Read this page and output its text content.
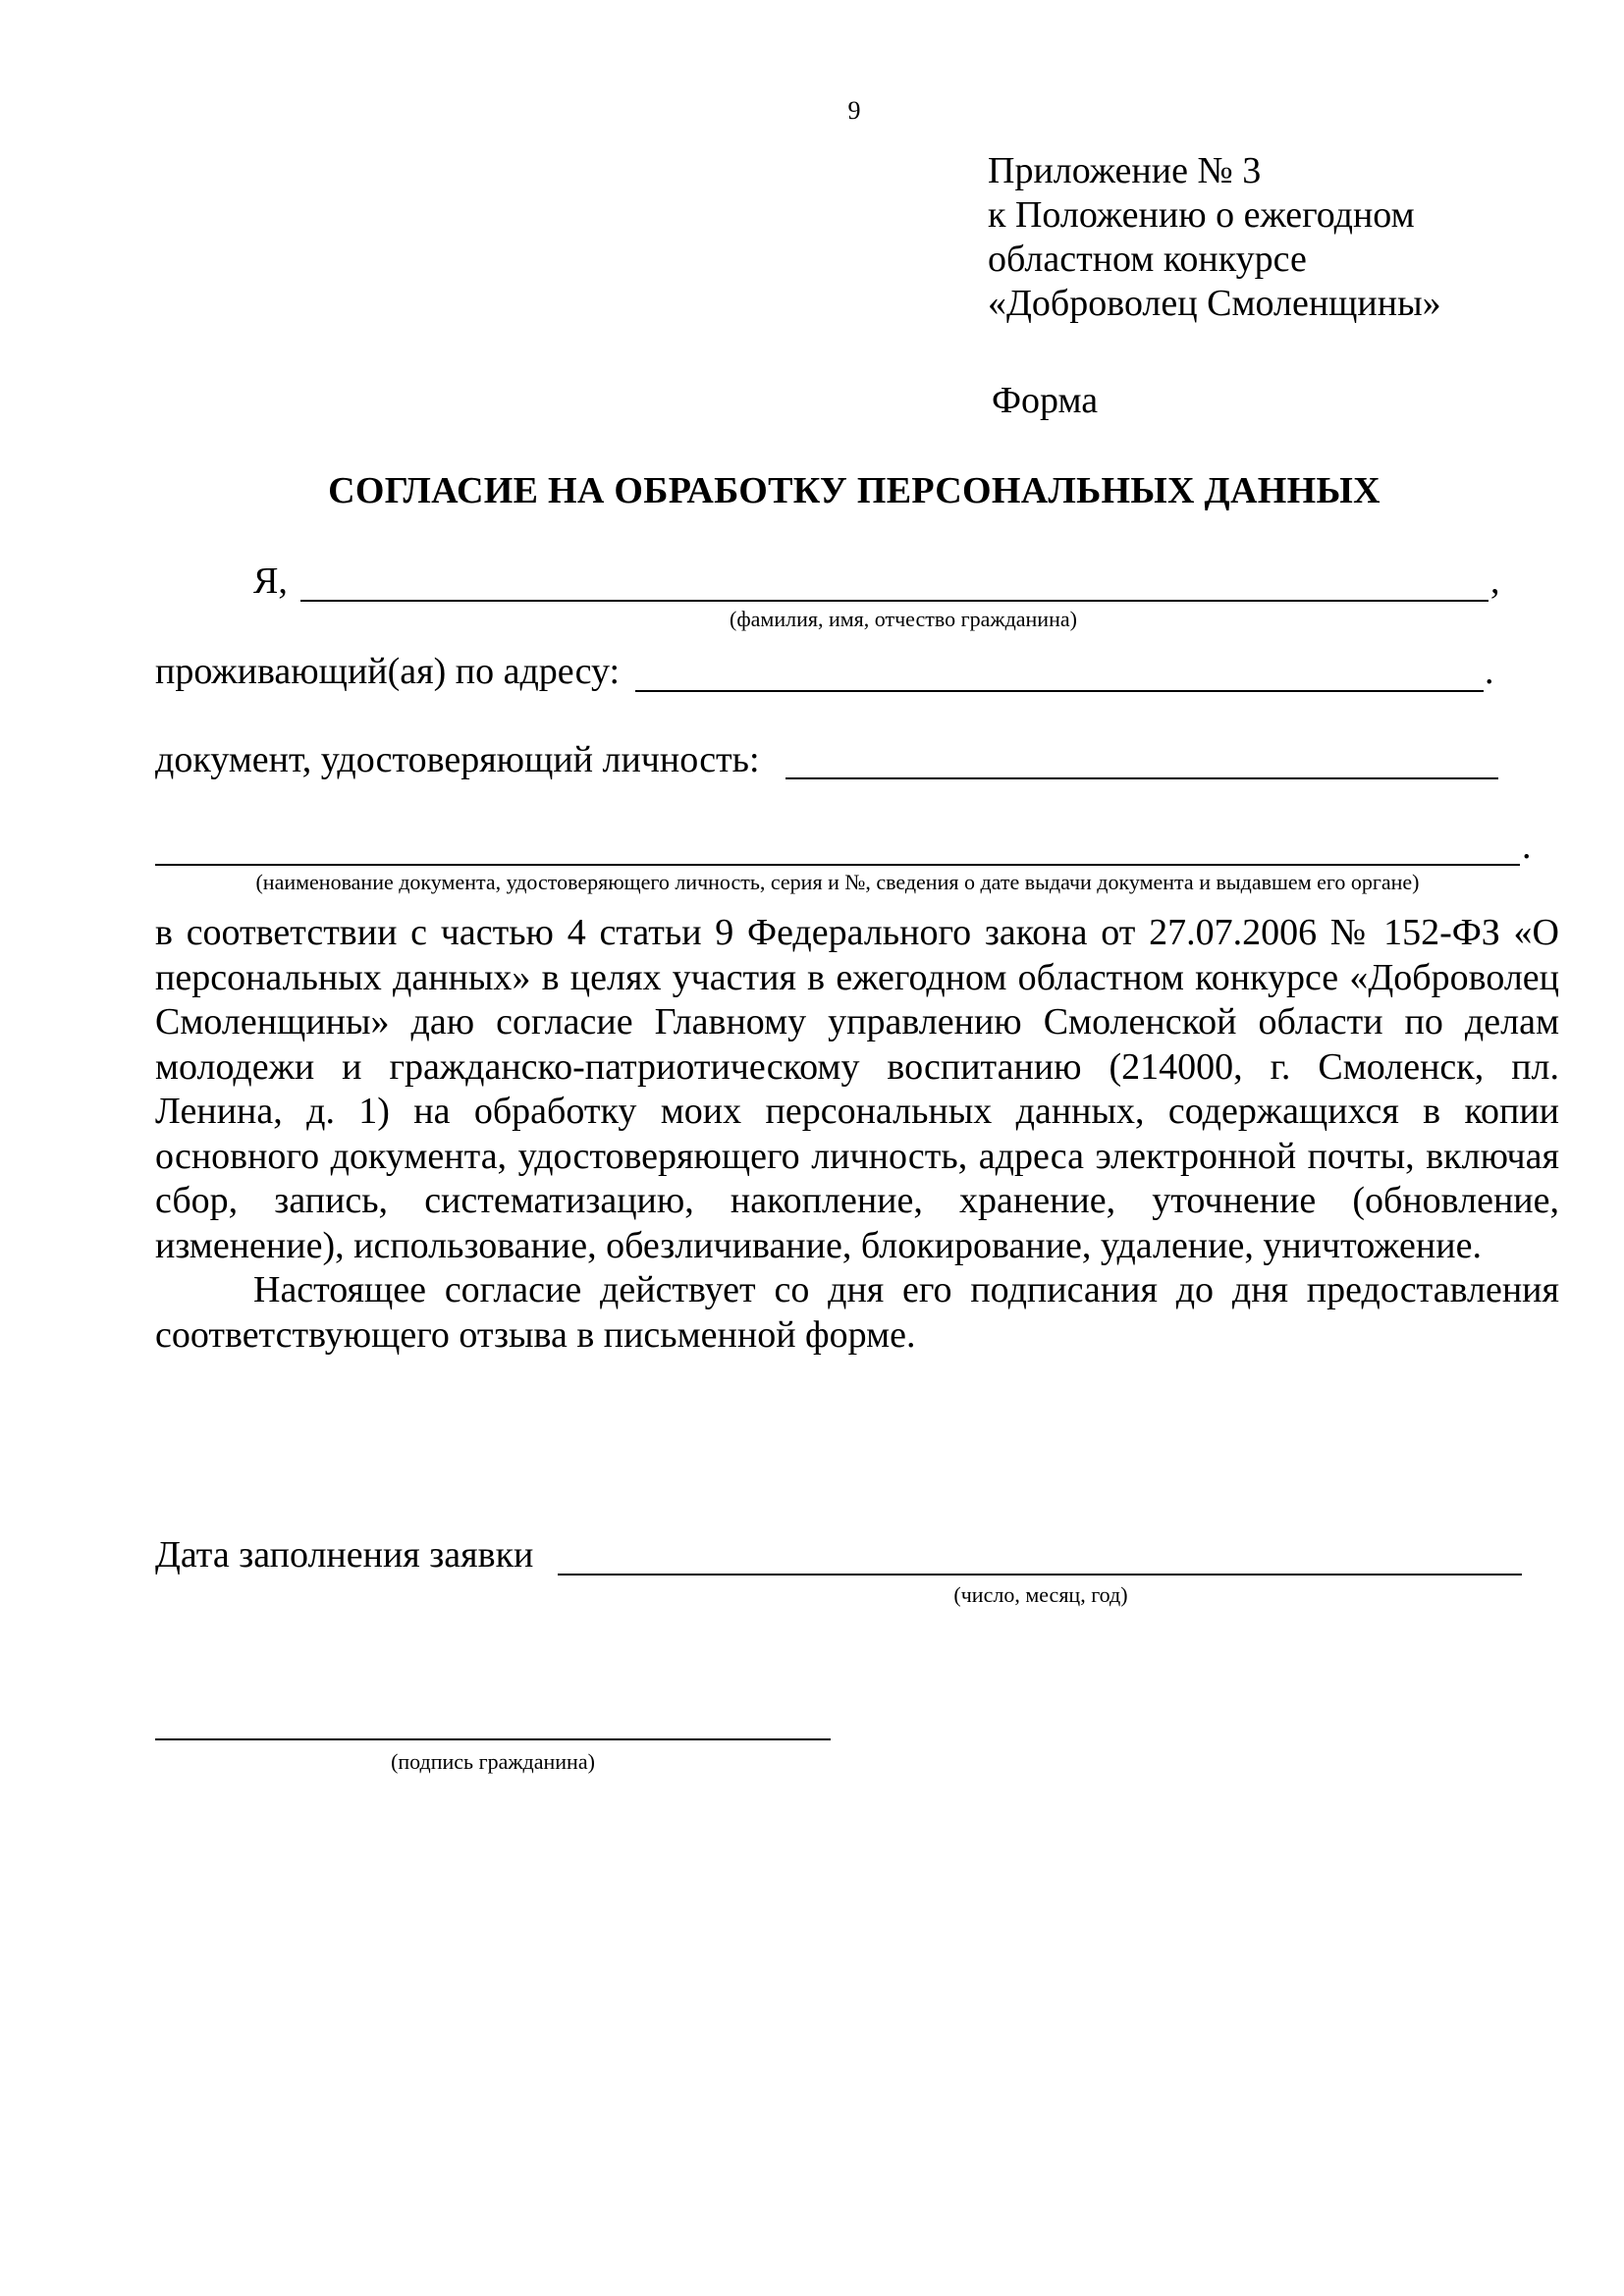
9
Приложение № 3
к Положению о ежегодном
областном конкурсе
«Доброволец Смоленщины»
Форма
СОГЛАСИЕ НА ОБРАБОТКУ ПЕРСОНАЛЬНЫХ ДАННЫХ
Я,	,
(фамилия, имя, отчество гражданина)
проживающий(ая) по адресу:	.
документ, удостоверяющий личность:
.
(наименование документа, удостоверяющего личность, серия и №, сведения о дате выдачи документа и выдавшем его органе)

в соответствии с частью 4 статьи 9 Федерального закона от 27.07.2006 № 152-ФЗ «О персональных данных» в целях участия в ежегодном областном конкурсе «Доброволец Смоленщины» даю согласие Главному управлению Смоленской области по делам молодежи и гражданско-патриотическому воспитанию (214000, г. Смоленск, пл. Ленина, д. 1) на обработку моих персональных данных, содержащихся в копии основного документа, удостоверяющего личность, адреса электронной почты, включая сбор, запись, систематизацию, накопление, хранение, уточнение (обновление, изменение), использование, обезличивание, блокирование, удаление, уничтожение.

Настоящее согласие действует со дня его подписания до дня предоставления соответствующего отзыва в письменной форме.

Дата заполнения заявки
(число, месяц, год)
(подпись гражданина)
